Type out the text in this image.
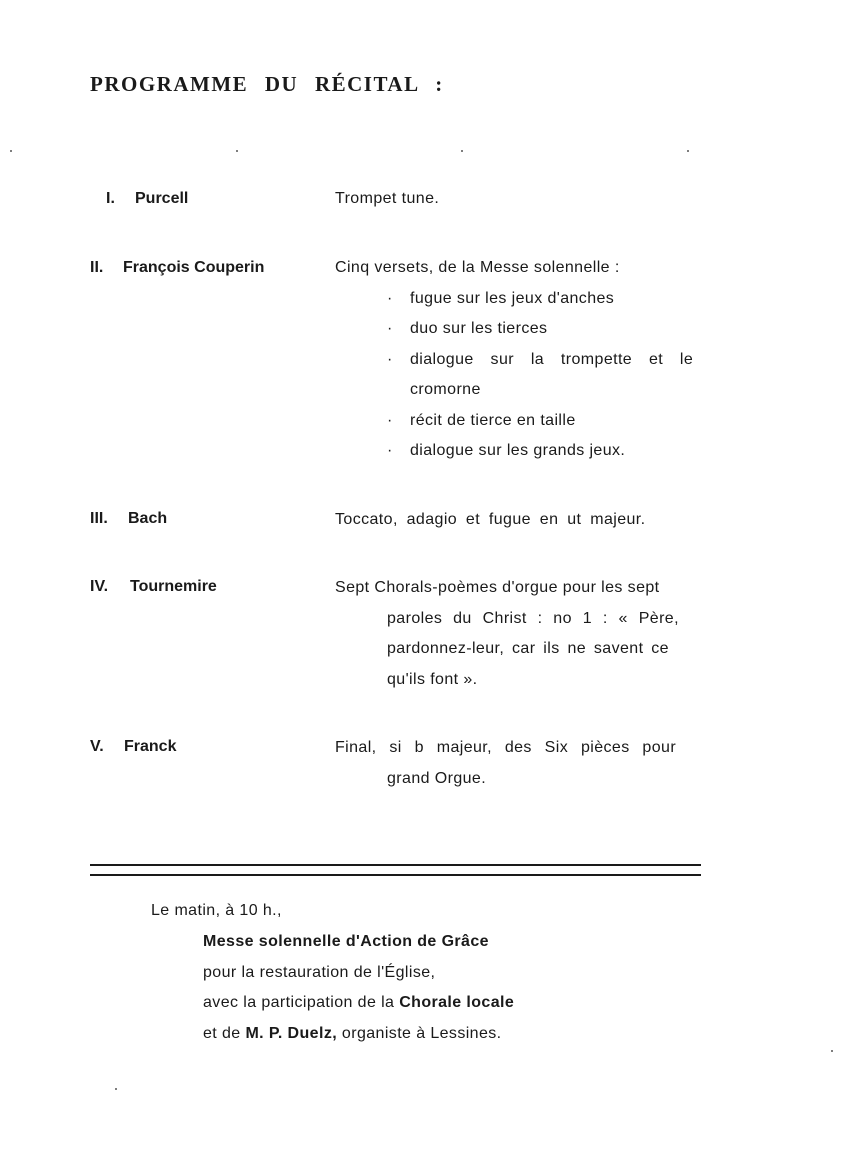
PROGRAMME DU RÉCITAL :
I. Purcell	Trompet tune.
II. François Couperin	Cinq versets, de la Messe solennelle :
· fugue sur les jeux d'anches
· duo sur les tierces
· dialogue sur la trompette et le
cromorne
· récit de tierce en taille
· dialogue sur les grands jeux.
III. Bach	Toccato, adagio et fugue en ut majeur.
IV. Tournemire	Sept Chorals-poèmes d'orgue pour les sept
paroles du Christ : no 1 : « Père,
pardonnez-leur, car ils ne savent ce
qu'ils font ».
V. Franck	Final, si b majeur, des Six pièces pour
grand Orgue.
Le matin, à 10 h.,
Messe solennelle d'Action de Grâce
pour la restauration de l'Église,
avec la participation de la Chorale locale
et de M. P. Duelz, organiste à Lessines.
